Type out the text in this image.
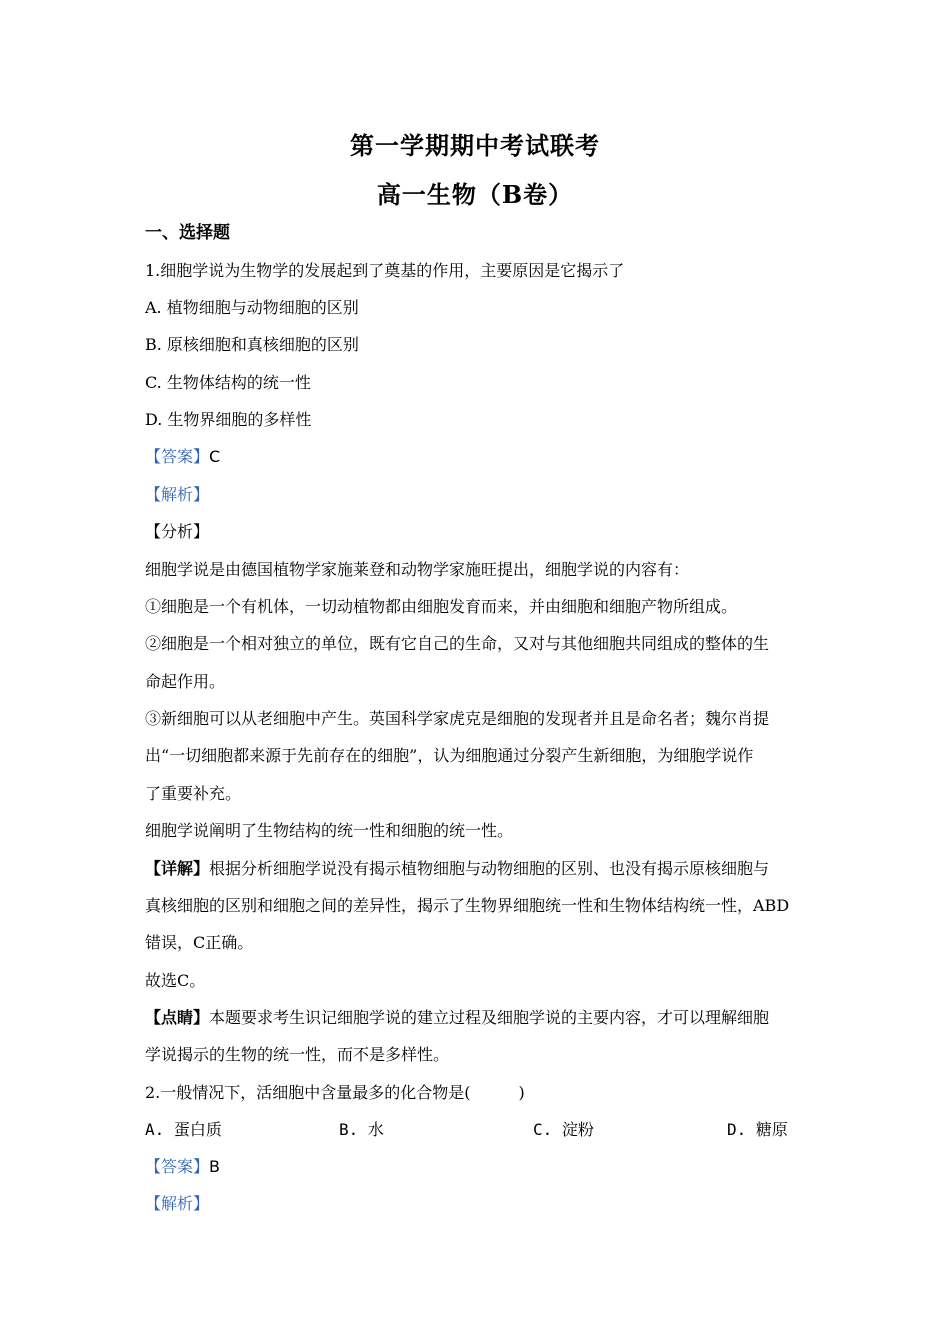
第一学期期中考试联考
高一生物（B卷）
一、选择题
1.细胞学说为生物学的发展起到了奠基的作用，主要原因是它揭示了
A. 植物细胞与动物细胞的区别
B. 原核细胞和真核细胞的区别
C. 生物体结构的统一性
D. 生物界细胞的多样性
【答案】C
【解析】
【分析】
细胞学说是由德国植物学家施莱登和动物学家施旺提出，细胞学说的内容有：
①细胞是一个有机体，一切动植物都由细胞发育而来，并由细胞和细胞产物所组成。
②细胞是一个相对独立的单位，既有它自己的生命，又对与其他细胞共同组成的整体的生
命起作用。
③新细胞可以从老细胞中产生。英国科学家虎克是细胞的发现者并且是命名者；魏尔肖提
出“一切细胞都来源于先前存在的细胞”，认为细胞通过分裂产生新细胞，为细胞学说作
了重要补充。
细胞学说阐明了生物结构的统一性和细胞的统一性。
【详解】根据分析细胞学说没有揭示植物细胞与动物细胞的区别、也没有揭示原核细胞与
真核细胞的区别和细胞之间的差异性，揭示了生物界细胞统一性和生物体结构统一性，ABD
错误，C正确。
故选C。
【点睛】本题要求考生识记细胞学说的建立过程及细胞学说的主要内容，才可以理解细胞
学说揭示的生物的统一性，而不是多样性。
2.一般情况下，活细胞中含量最多的化合物是(　　　)
A. 蛋白质	B. 水	C. 淀粉	D. 糖原
【答案】B
【解析】
